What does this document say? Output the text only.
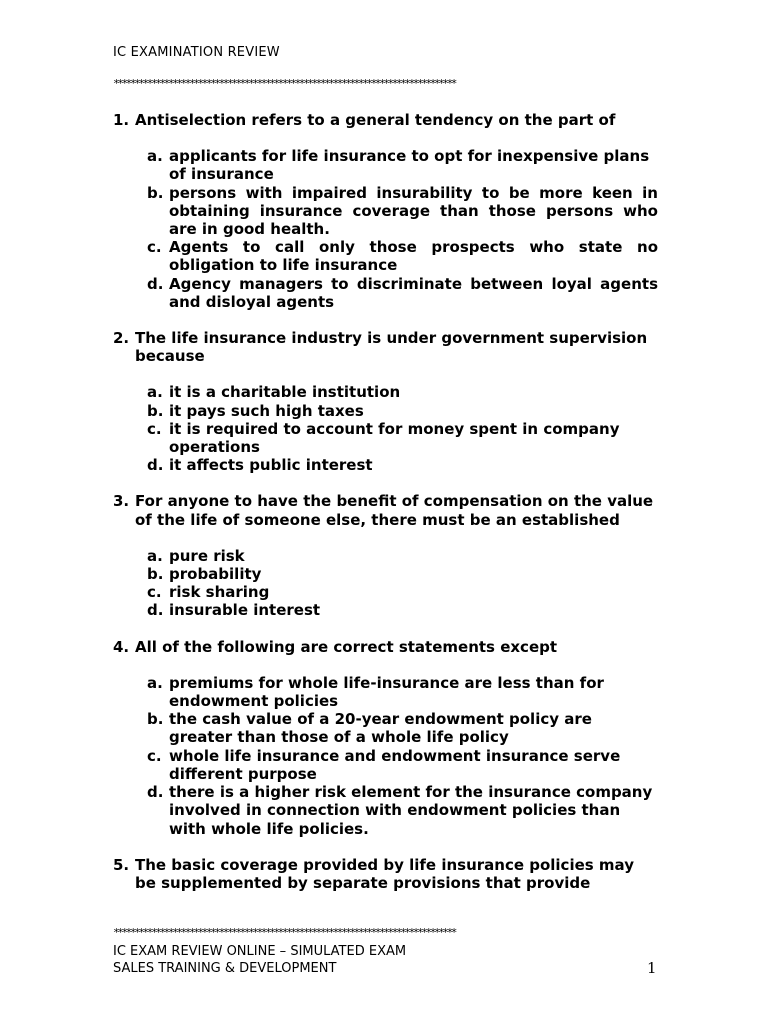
IC EXAMINATION REVIEW
*********************************************************************************
1. Antiselection refers to a general tendency on the part of
a. applicants for life insurance to opt for inexpensive plans of insurance
b. persons with impaired insurability to be more keen in obtaining insurance coverage than those persons who are in good health.
c. Agents to call only those prospects who state no obligation to life insurance
d. Agency managers to discriminate between loyal agents and disloyal agents
2. The life insurance industry is under government supervision because
a. it is a charitable institution
b. it pays such high taxes
c. it is required to account for money spent in company operations
d. it affects public interest
3. For anyone to have the benefit of compensation on the value of the life of someone else, there must be an established
a. pure risk
b. probability
c. risk sharing
d. insurable interest
4. All of the following are correct statements except
a. premiums for whole life-insurance are less than for endowment policies
b. the cash value of a 20-year endowment policy are greater than those of a whole life policy
c. whole life insurance and endowment insurance serve different purpose
d. there is a higher risk element for the insurance company involved in connection with endowment policies than with whole life policies.
5. The basic coverage provided by life insurance policies may be supplemented by separate provisions that provide
*********************************************************************************
IC EXAM REVIEW ONLINE – SIMULATED EXAM
SALES TRAINING & DEVELOPMENT	1
